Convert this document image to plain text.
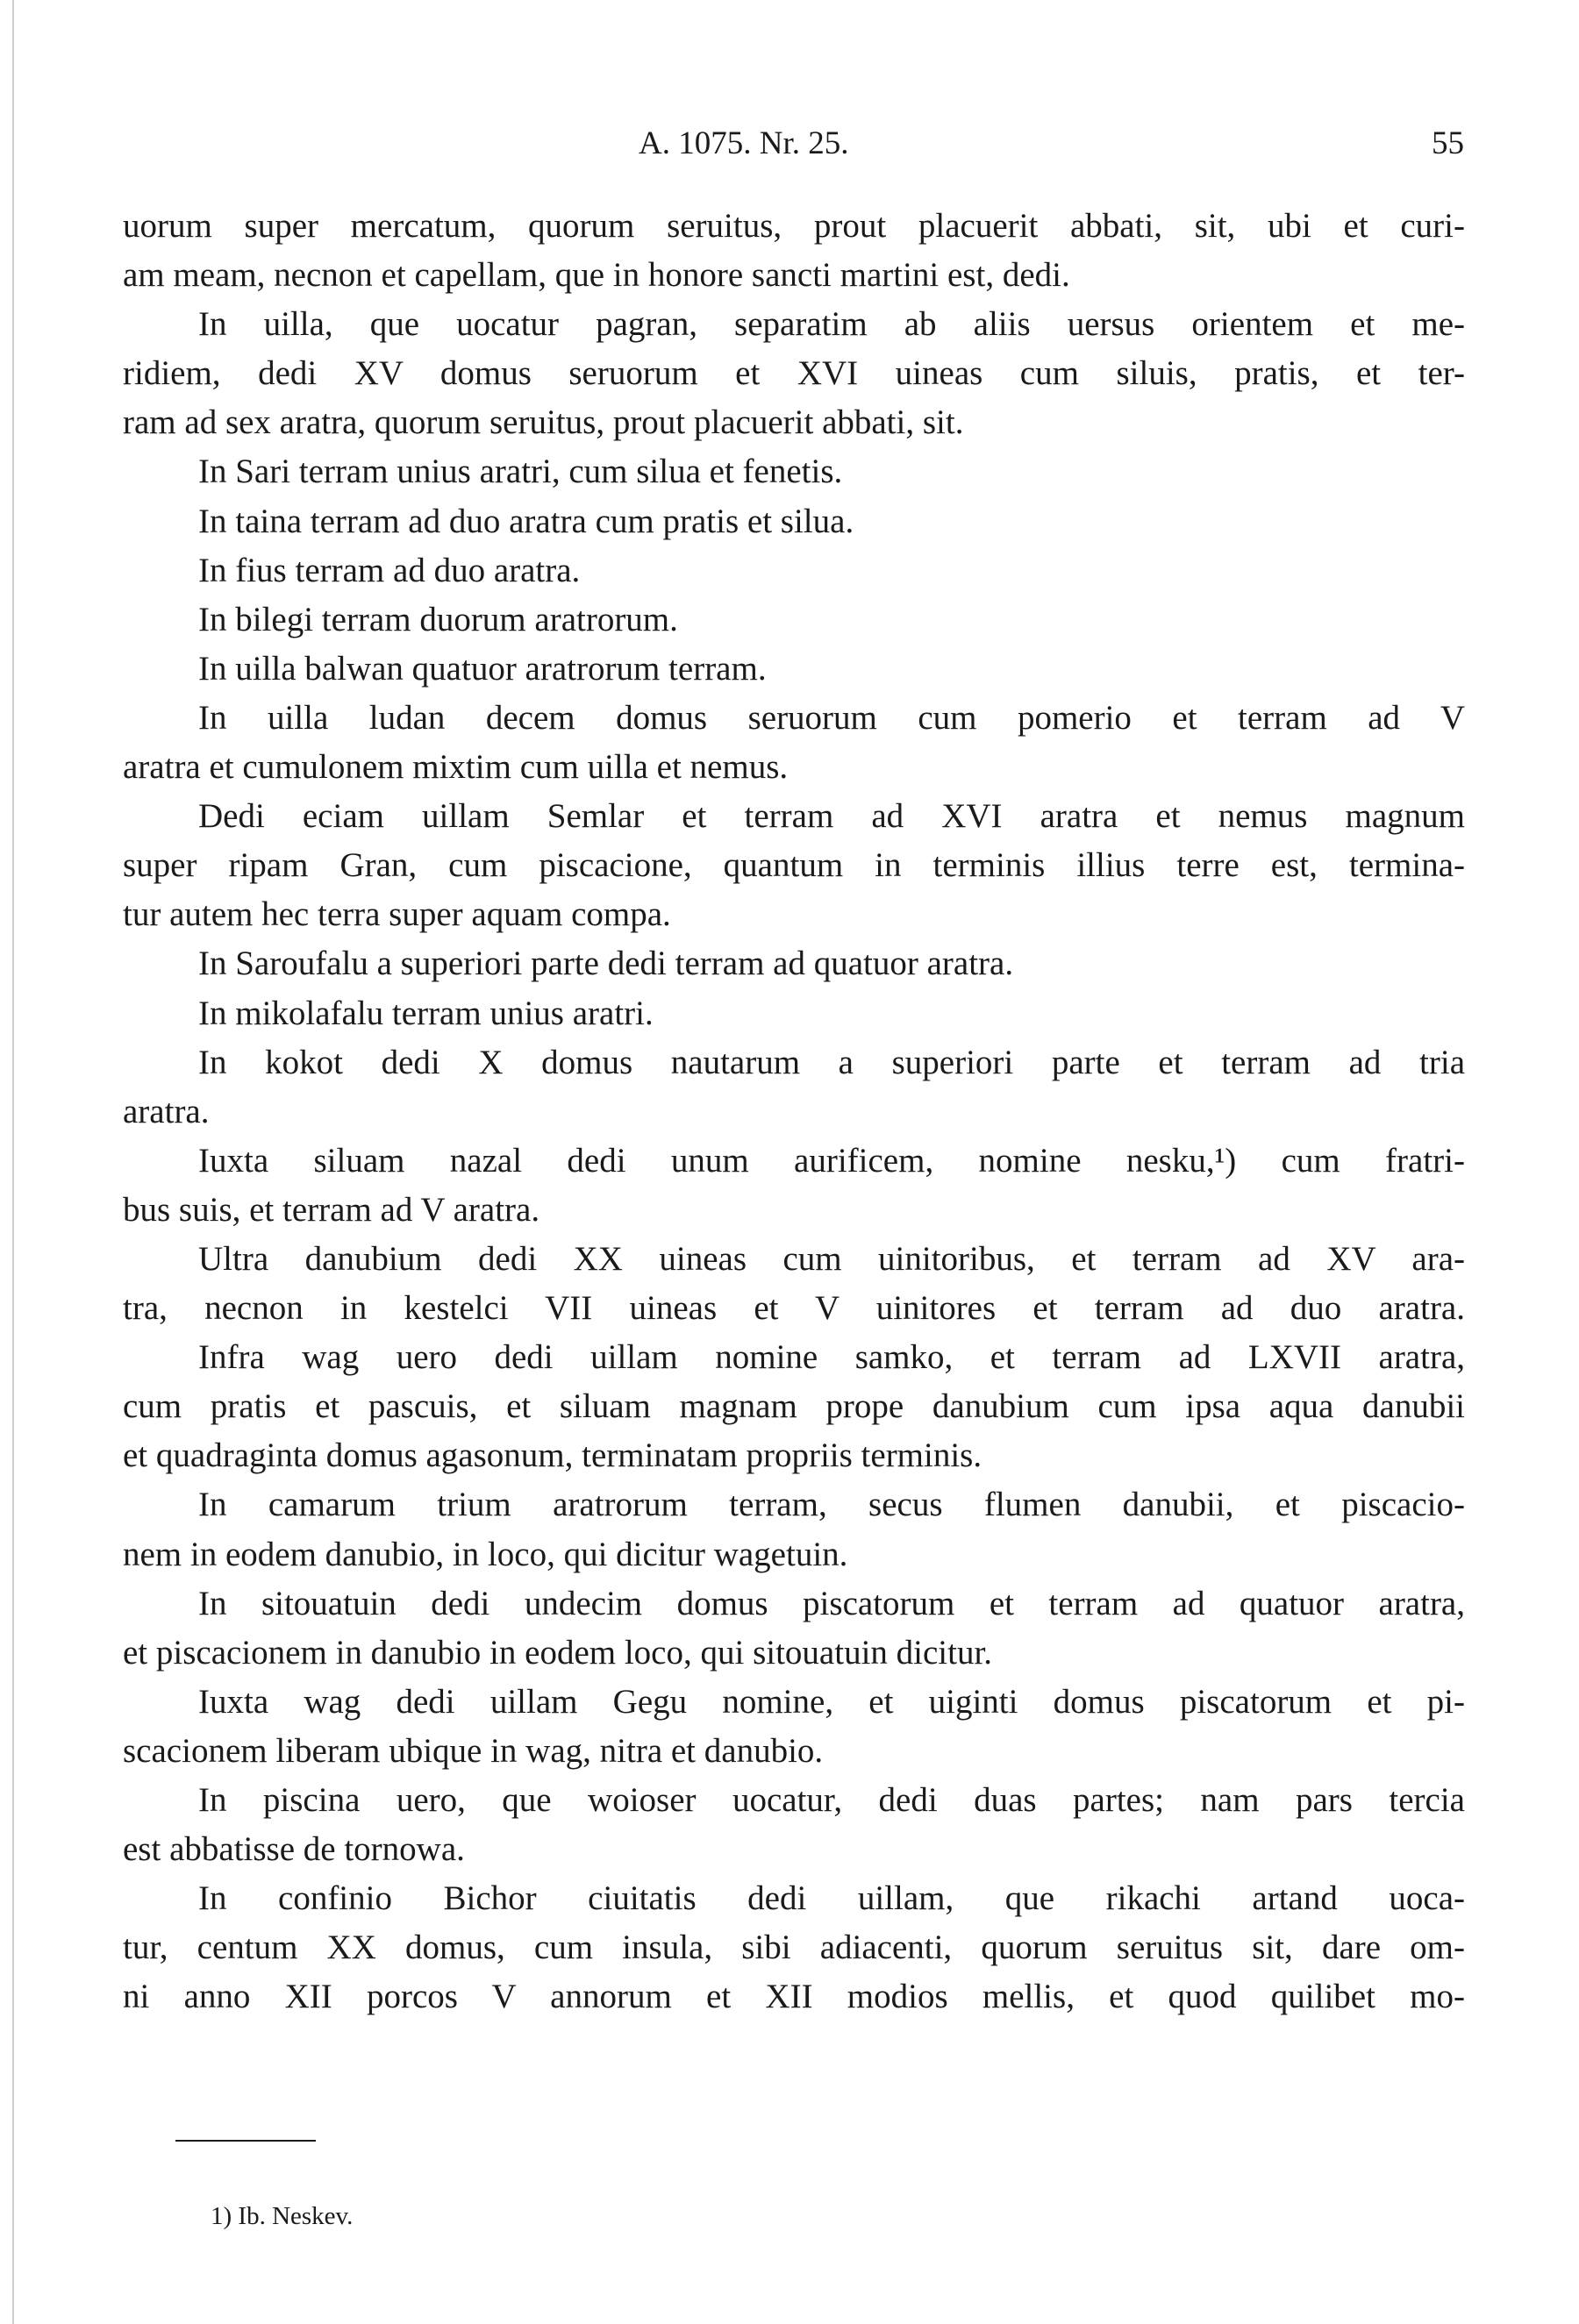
A. 1075. Nr. 25.	55
uorum super mercatum, quorum seruitus, prout placuerit abbati, sit, ubi et curi-
am meam, necnon et capellam, que in honore sancti martini est, dedi.
In uilla, que uocatur pagran, separatim ab aliis uersus orientem et me-
ridiem, dedi XV domus seruorum et XVI uineas cum siluis, pratis, et ter-
ram ad sex aratra, quorum seruitus, prout placuerit abbati, sit.
In Sari terram unius aratri, cum silua et fenetis.
In taina terram ad duo aratra cum pratis et silua.
In fius terram ad duo aratra.
In bilegi terram duorum aratrorum.
In uilla balwan quatuor aratrorum terram.
In uilla ludan decem domus seruorum cum pomerio et terram ad V
aratra et cumulonem mixtim cum uilla et nemus.
Dedi eciam uillam Semlar et terram ad XVI aratra et nemus magnum
super ripam Gran, cum piscacione, quantum in terminis illius terre est, termina-
tur autem hec terra super aquam compa.
In Saroufalu a superiori parte dedi terram ad quatuor aratra.
In mikolafalu terram unius aratri.
In kokot dedi X domus nautarum a superiori parte et terram ad tria
aratra.
Iuxta siluam nazal dedi unum aurificem, nomine nesku,¹) cum fratri-
bus suis, et terram ad V aratra.
Ultra danubium dedi XX uineas cum uinitoribus, et terram ad XV ara-
tra, necnon in kestelci VII uineas et V uinitores et terram ad duo aratra.
Infra wag uero dedi uillam nomine samko, et terram ad LXVII aratra,
cum pratis et pascuis, et siluam magnam prope danubium cum ipsa aqua danubii
et quadraginta domus agasonum, terminatam propriis terminis.
In camarum trium aratrorum terram, secus flumen danubii, et piscacio-
nem in eodem danubio, in loco, qui dicitur wagetuin.
In sitouatuin dedi undecim domus piscatorum et terram ad quatuor aratra,
et piscacionem in danubio in eodem loco, qui sitouatuin dicitur.
Iuxta wag dedi uillam Gegu nomine, et uiginti domus piscatorum et pi-
scacionem liberam ubique in wag, nitra et danubio.
In piscina uero, que woioser uocatur, dedi duas partes; nam pars tercia
est abbatisse de tornowa.
In confinio Bichor ciuitatis dedi uillam, que rikachi artand uoca-
tur, centum XX domus, cum insula, sibi adiacenti, quorum seruitus sit, dare om-
ni anno XII porcos V annorum et XII modios mellis, et quod quilibet mo-
1) Ib. Neskev.
